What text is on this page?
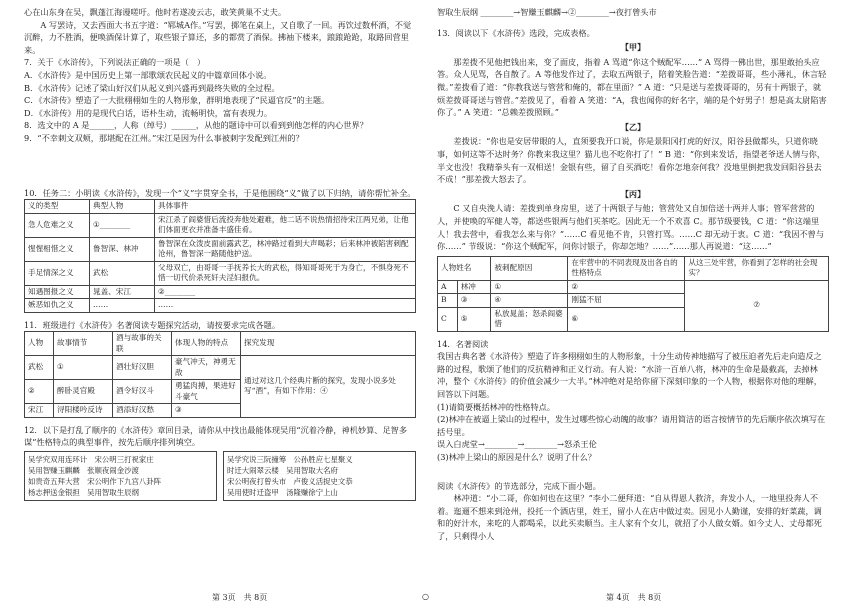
心在山东身在吴，飘蓬江海谩嗟吁。他时若遂凌云志，敢笑黄巢不丈夫。

A 写罢诗，又去西面大书五字道：“郓城A作。”写罢，掷笔在桌上，又自歌了一回。再饮过数杯酒，不觉沉醉，力不胜酒，便唤酒保计算了，取些银子算还，多的都赏了酒保。拂袖下楼来，踉踉跄跄，取路回营里来。

7．关于《水浒传》，下列说法正确的一项是（　）

A．《水浒传》是中国历史上第一部歌颂农民起义的中篇章回体小说。

B．《水浒传》记述了梁山好汉们从起义到兴盛再到最终失败的全过程。

C．《水浒传》塑造了一大批栩栩如生的人物形象，群明地表现了“民逼官反”的主题。

D．《水浒传》用的是现代白话，语朴生动，流畅明快，富有表现力。

8．选文中的 A 是______，人称（绰号）______，从他的题诗中可以看到到他怎样的内心世界？

9．“不幸刺文双颊，那堪配在江州。”宋江是因为什么事被刺字发配到江州的？

10．任务二：小明读《水浒传》，发现一个“义”字贯穿全书，于是他围绕“义”做了以下归纳，请你帮忙补全。

义的类型	典型人物	具体事件
急人危难之义	①________	宋江杀了阎婆惜后流投奔他处避难，他二话不说热情招待宋江两兄弟，让他们体面更衣并准备丰盛佳肴。
惺惺相惜之义	鲁智深、林冲	鲁智深在众泼皮面前露武艺，林冲路过看到大声喝彩；后来林冲被陷害刺配沧州，鲁智深一路随他护送。
手足情深之义	武松	父母双亡，由哥哥一手抚养长大的武松，得知哥哥死于为身亡，不惧身死不惜一切代价杀死奸夫淫妇报仇。
知遇图报之义	晁盖、宋江	②________
嫉恶如仇之义	……	……

11．班级进行《水浒传》名著阅读专题探究活动，请按要求完成各题。

人物	故事情节	酒与故事的关联	体现人物的特点	探究发现
武松	①	酒壮好汉胆	豪气冲天，神勇无敌	通过对这几个经典片断的探究，发现小说多处写“酒”，有如下作用：④
②	醉卧灵官殿	酒令好汉斗	勇猛肉搏，果进好斗豪气	
宋江	浔阳楼吟反诗	酒添好汉愁	③	

12．以下是打乱了顺序的《水浒传》章回目录，请你从中找出最能体现吴用“沉着冷静，神机妙算、足智多谋”性格特点的典型事件，按先后顺序排列填空。

吴学究双用连环计　宋公明三打祝家庄
吴用智赚玉麒麟　张顺夜闹金沙渡
如贵奇五拜大营　宋公明作下九宫八卦阵
杨志押送金银担　吴用智取生辰纲
吴学究说三阮撞筹　公孙胜应七星聚义
时迁大闹翠云楼　吴用智取大名府
宋公明夜打曾头市　卢俊义活捉史文恭
吴用使时迁盗甲　汤隆赚徐宁上山

智取生辰纲 ________→智赚玉麒麟→②________→夜打曾头市

13．阅读以下《水浒传》选段，完成表格。

【甲】

那差拨不见他把钱出来，变了面皮，指着 A 骂道“你这个贼配军……” A 骂得一佛出世，那里敢抬头应答。众人见骂，各自散了。A 等他发作过了，去取五两银子，陪着笑脸告道：“差拨哥哥，些小薄礼，休言轻微。”差拨看了道：“你教我送与管营和俺的，都在里面？” A 道：“只是送与差拨哥哥的，另有十两银子，就烦差拨哥哥送与管营。”差拨见了，看着 A 笑道：“A，我也闻你的好名字，端的是个好男子！想是高太尉陷害你了。” A 笑道：“总赖差拨照顾。”

【乙】

差拨说：“你也是安居带眼的人，直须要我开口说，你是景阳冈打虎的好汉，阳谷县做都头，只道你晓事，如何这等不达时务？你教来我这里？猫儿也不吃你打了！” B 道：“你到来发话，指望老爷送人情与你，半文也没！我精拳头有一双相送！金银有些，留了自买酒吃！看你怎地奈何我？没地里倒把我发回阳谷县去不成！”那差拨大怒去了。

【丙】

C 又自央浼人请：差拨到单身房里，送了十两银子与他；管营处又自加倍送十两并人事；管军营营的人，并使唤的军健人等，都送些银两与他们买茶吃。因此无一个不欢喜 C。那节级要钱，C 道：“你这端里人！我去营中，看我怎么来与你？”……C 看见他不肯，只管打骂。……C 却无动于衷。C 道：“我因不曾与你……” 节级说：“你这个贼配军，问你讨银子，你却怎地？……”……那人再说道：“这……”

人物姓名		被刺配原因	在牢营中的不同表现及出各自的性格特点	从这三处牢营，你看到了怎样的社会现实？
A	林冲	①	②	⑦
B	③	④	刚猛不屈	
C	⑤	私放晁盖；怒杀阎婆惜	⑥	

14．名著阅读

我国古典名著《水浒传》塑造了许多栩栩如生的人物形象，十分生动传神地描写了被压迫者先后走向造反之路的过程，歌颂了他们的反抗精神和正义行动。有人说：“水浒一百单八将，林冲的生命是最截高，去掉林冲，整个《水浒传》的价值会减少一大半。”林冲绝对是给你留下深刻印象的一个人物，根据你对他的理解，回答以下问题。

(1)请简要概括林冲的性格特点。

(2)林冲在被逼上梁山的过程中，发生过哪些惊心动魄的故事？请用简洁的语言按情节的先后顺序依次填写在括号里。

误入白虎堂→________→________→怒杀王伦

(3)林冲上梁山的原因是什么？说明了什么？

阅读《水浒传》的节选部分，完成下面小题。

林冲道：“小二哥，你如何也在这里？”李小二便拜道：“自从得恩人救济，奔发小人，一地里投奔人不着。迤逦不想来到沧州，投托一个酒店里，姓王，留小人在店中做过卖。因见小人勤谨，安排的好菜蔬，调和的好汁水，来吃的人都喝采，以此买卖顺当。主人家有个女儿，就招了小人做女婿。如今丈人、丈母都死了，只剩得小人

第 3页　共 8页	○	第 4页　共 8页
